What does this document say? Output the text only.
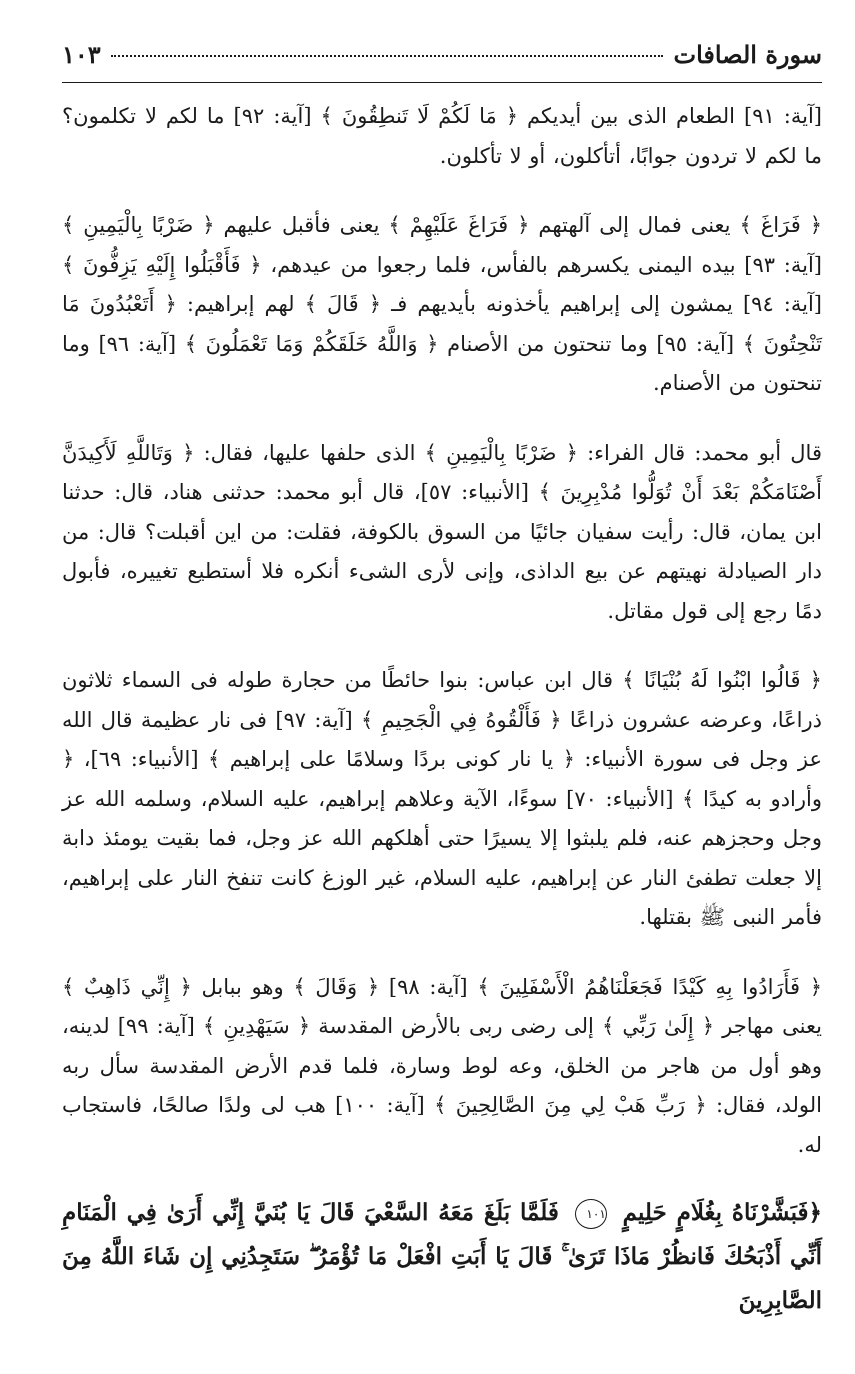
سورة الصافات
١٠٣

[آية: ٩١] الطعام الذى بين أيديكم ﴿ مَا لَكُمْ لَا تَنطِقُونَ ﴾ [آية: ٩٢] ما لكم لا تكلمون؟ ما لكم لا تردون جوابًا، أتأكلون، أو لا تأكلون.

﴿ فَرَاغَ ﴾ يعنى فمال إلى آلهتهم ﴿ فَرَاغَ عَلَيْهِمْ ﴾ يعنى فأقبل عليهم ﴿ ضَرْبًا بِالْيَمِينِ ﴾ [آية: ٩٣] بيده اليمنى يكسرهم بالفأس، فلما رجعوا من عيدهم، ﴿ فَأَقْبَلُوا إِلَيْهِ يَزِفُّونَ ﴾ [آية: ٩٤] يمشون إلى إبراهيم يأخذونه بأيديهم فـ ﴿ قَالَ ﴾ لهم إبراهيم: ﴿ أَتَعْبُدُونَ مَا تَنْحِتُونَ ﴾ [آية: ٩٥] وما تنحتون من الأصنام ﴿ وَاللَّهُ خَلَقَكُمْ وَمَا تَعْمَلُونَ ﴾ [آية: ٩٦] وما تنحتون من الأصنام.

قال أبو محمد: قال الفراء: ﴿ ضَرْبًا بِالْيَمِينِ ﴾ الذى حلفها عليها، فقال: ﴿ وَتَاللَّهِ لَأَكِيدَنَّ أَصْنَامَكُمْ بَعْدَ أَنْ تُوَلُّوا مُدْبِرِينَ ﴾ [الأنبياء: ٥٧]، قال أبو محمد: حدثنى هناد، قال: حدثنا ابن يمان، قال: رأيت سفيان جائيًا من السوق بالكوفة، فقلت: من اين أقبلت؟ قال: من دار الصيادلة نهيتهم عن بيع الداذى، وإنى لأرى الشىء أنكره فلا أستطيع تغييره، فأبول دمًا رجع إلى قول مقاتل.

﴿ قَالُوا ابْنُوا لَهُ بُنْيَانًا ﴾ قال ابن عباس: بنوا حائطًا من حجارة طوله فى السماء ثلاثون ذراعًا، وعرضه عشرون ذراعًا ﴿ فَأَلْقُوهُ فِي الْجَحِيمِ ﴾ [آية: ٩٧] فى نار عظيمة قال الله عز وجل فى سورة الأنبياء: ﴿ يا نار كونى بردًا وسلامًا على إبراهيم ﴾ [الأنبياء: ٦٩]، ﴿ وأرادو به كيدًا ﴾ [الأنبياء: ٧٠] سوءًا، الآية وعلاهم إبراهيم، عليه السلام، وسلمه الله عز وجل وحجزهم عنه، فلم يلبثوا إلا يسيرًا حتى أهلكهم الله عز وجل، فما بقيت يومئذ دابة إلا جعلت تطفئ النار عن إبراهيم، عليه السلام، غير الوزغ كانت تنفخ النار على إبراهيم، فأمر النبى ﷺ بقتلها.

﴿ فَأَرَادُوا بِهِ كَيْدًا فَجَعَلْنَاهُمُ الْأَسْفَلِينَ ﴾ [آية: ٩٨] ﴿ وَقَالَ ﴾ وهو ببابل ﴿ إِنِّي ذَاهِبٌ ﴾ يعنى مهاجر ﴿ إِلَىٰ رَبِّي ﴾ إلى رضى ربى بالأرض المقدسة ﴿ سَيَهْدِينِ ﴾ [آية: ٩٩] لدينه، وهو أول من هاجر من الخلق، وعه لوط وسارة، فلما قدم الأرض المقدسة سأل ربه الولد، فقال: ﴿ رَبِّ هَبْ لِي مِنَ الصَّالِحِينَ ﴾ [آية: ١٠٠] هب لى ولدًا صالحًا، فاستجاب له.

﴿فَبَشَّرْنَاهُ بِغُلَامٍ حَلِيمٍ ١٠١ فَلَمَّا بَلَغَ مَعَهُ السَّعْيَ قَالَ يَا بُنَيَّ إِنِّي أَرَىٰ فِي الْمَنَامِ أَنِّي أَذْبَحُكَ فَانظُرْ مَاذَا تَرَىٰ ۚ قَالَ يَا أَبَتِ افْعَلْ مَا تُؤْمَرُ ۖ سَتَجِدُنِي إِن شَاءَ اللَّهُ مِنَ الصَّابِرِينَ
